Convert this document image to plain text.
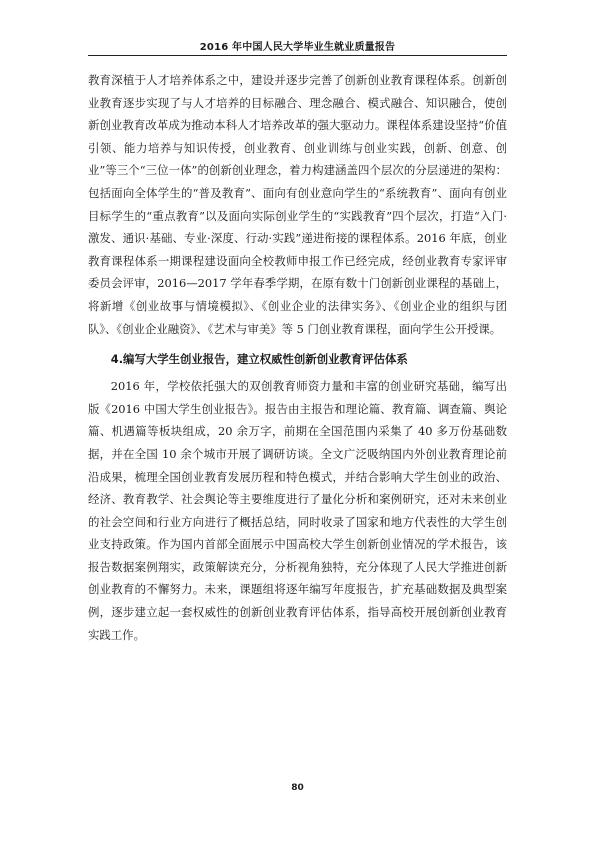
2016 年中国人民大学毕业生就业质量报告

教育深植于人才培养体系之中，建设并逐步完善了创新创业教育课程体系。创新创业教育逐步实现了与人才培养的目标融合、理念融合、模式融合、知识融合，使创新创业教育改革成为推动本科人才培养改革的强大驱动力。课程体系建设坚持“价值引领、能力培养与知识传授，创业教育、创业训练与创业实践，创新、创意、创业”等三个“三位一体”的创新创业理念，着力构建涵盖四个层次的分层递进的架构：包括面向全体学生的“普及教育”、面向有创业意向学生的“系统教育”、面向有创业目标学生的“重点教育”以及面向实际创业学生的“实践教育”四个层次，打造“入门·激发、通识·基础、专业·深度、行动·实践”递进衔接的课程体系。2016 年底，创业教育课程体系一期课程建设面向全校教师申报工作已经完成，经创业教育专家评审委员会评审，2016—2017 学年春季学期，在原有数十门创新创业课程的基础上，将新增《创业故事与情境模拟》、《创业企业的法律实务》、《创业企业的组织与团队》、《创业企业融资》、《艺术与审美》等 5 门创业教育课程，面向学生公开授课。

4.编写大学生创业报告，建立权威性创新创业教育评估体系

2016 年，学校依托强大的双创教育师资力量和丰富的创业研究基础，编写出版《2016 中国大学生创业报告》。报告由主报告和理论篇、教育篇、调查篇、舆论篇、机遇篇等板块组成，20 余万字，前期在全国范围内采集了 40 多万份基础数据，并在全国 10 余个城市开展了调研访谈。全文广泛吸纳国内外创业教育理论前沿成果，梳理全国创业教育发展历程和特色模式，并结合影响大学生创业的政治、经济、教育教学、社会舆论等主要维度进行了量化分析和案例研究，还对未来创业的社会空间和行业方向进行了概括总结，同时收录了国家和地方代表性的大学生创业支持政策。作为国内首部全面展示中国高校大学生创新创业情况的学术报告，该报告数据案例翔实，政策解读充分，分析视角独特，充分体现了人民大学推进创新创业教育的不懈努力。未来，课题组将逐年编写年度报告，扩充基础数据及典型案例，逐步建立起一套权威性的创新创业教育评估体系，指导高校开展创新创业教育实践工作。

80
